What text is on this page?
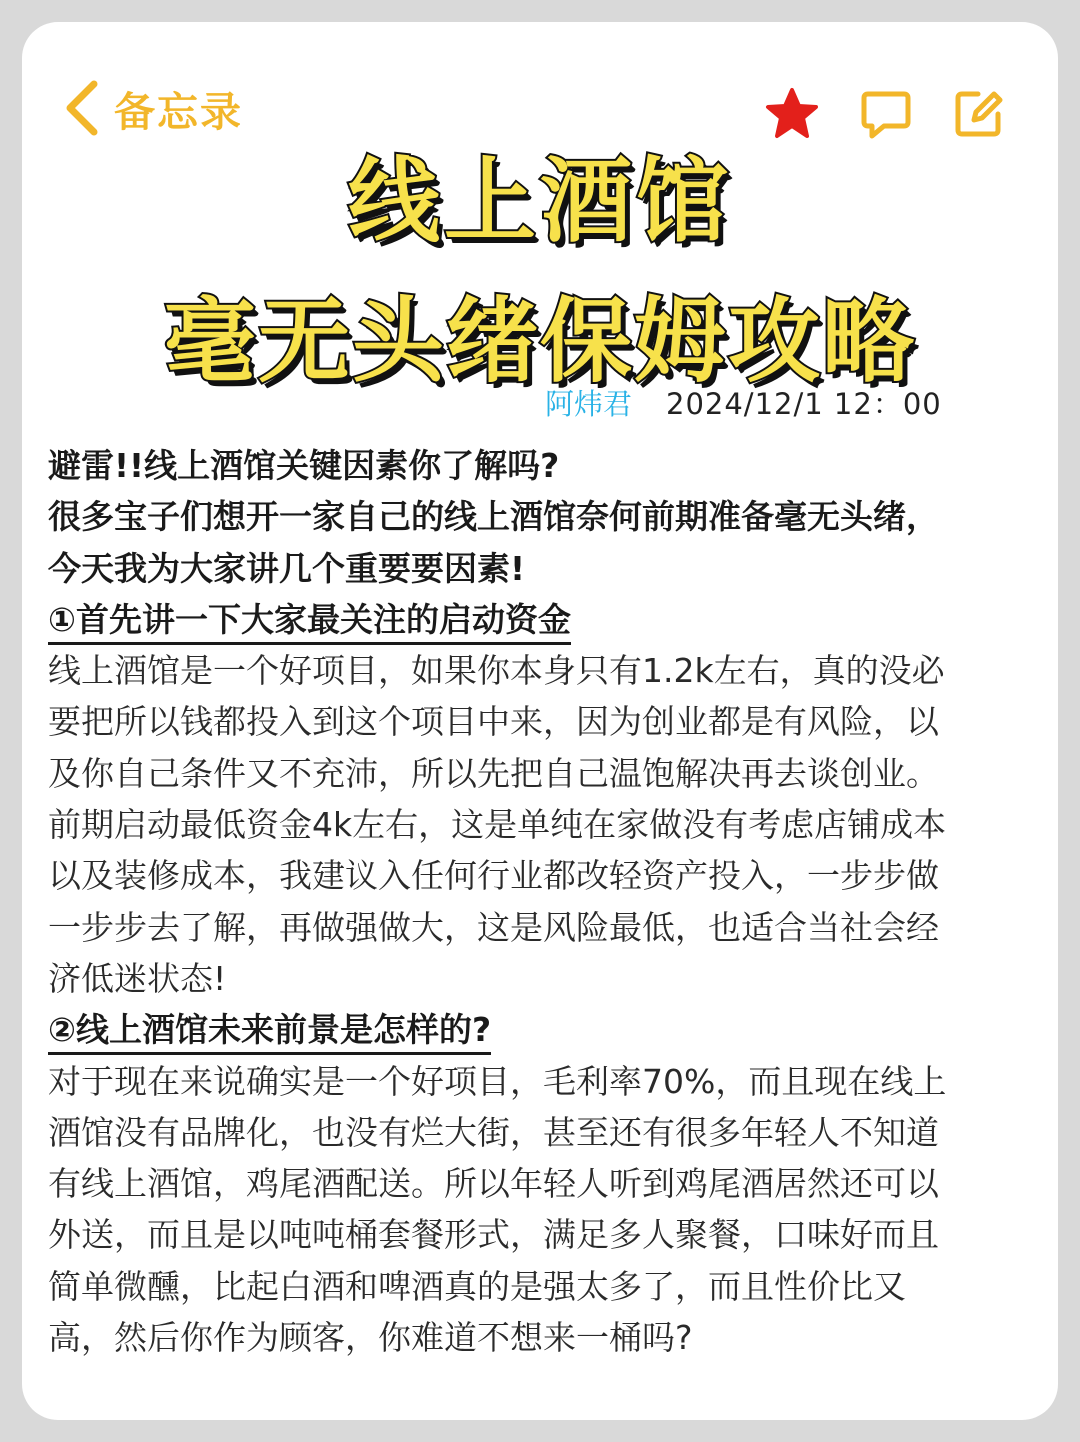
备忘录
线上酒馆
毫无头绪保姆攻略
阿炜君 2024/12/1 12：00
避雷!!线上酒馆关键因素你了解吗?
很多宝子们想开一家自己的线上酒馆奈何前期准备毫无头绪，
今天我为大家讲几个重要要因素!
①首先讲一下大家最关注的启动资金
线上酒馆是一个好项目，如果你本身只有1.2k左右，真的没必
要把所以钱都投入到这个项目中来，因为创业都是有风险，以
及你自己条件又不充沛，所以先把自己温饱解决再去谈创业。
前期启动最低资金4k左右，这是单纯在家做没有考虑店铺成本
以及装修成本，我建议入任何行业都改轻资产投入，一步步做
一步步去了解，再做强做大，这是风险最低，也适合当社会经
济低迷状态!
②线上酒馆未来前景是怎样的?
对于现在来说确实是一个好项目，毛利率70%，而且现在线上
酒馆没有品牌化，也没有烂大街，甚至还有很多年轻人不知道
有线上酒馆，鸡尾酒配送。所以年轻人听到鸡尾酒居然还可以
外送，而且是以吨吨桶套餐形式，满足多人聚餐，口味好而且
简单微醺，比起白酒和啤酒真的是强太多了，而且性价比又
高，然后你作为顾客，你难道不想来一桶吗?
